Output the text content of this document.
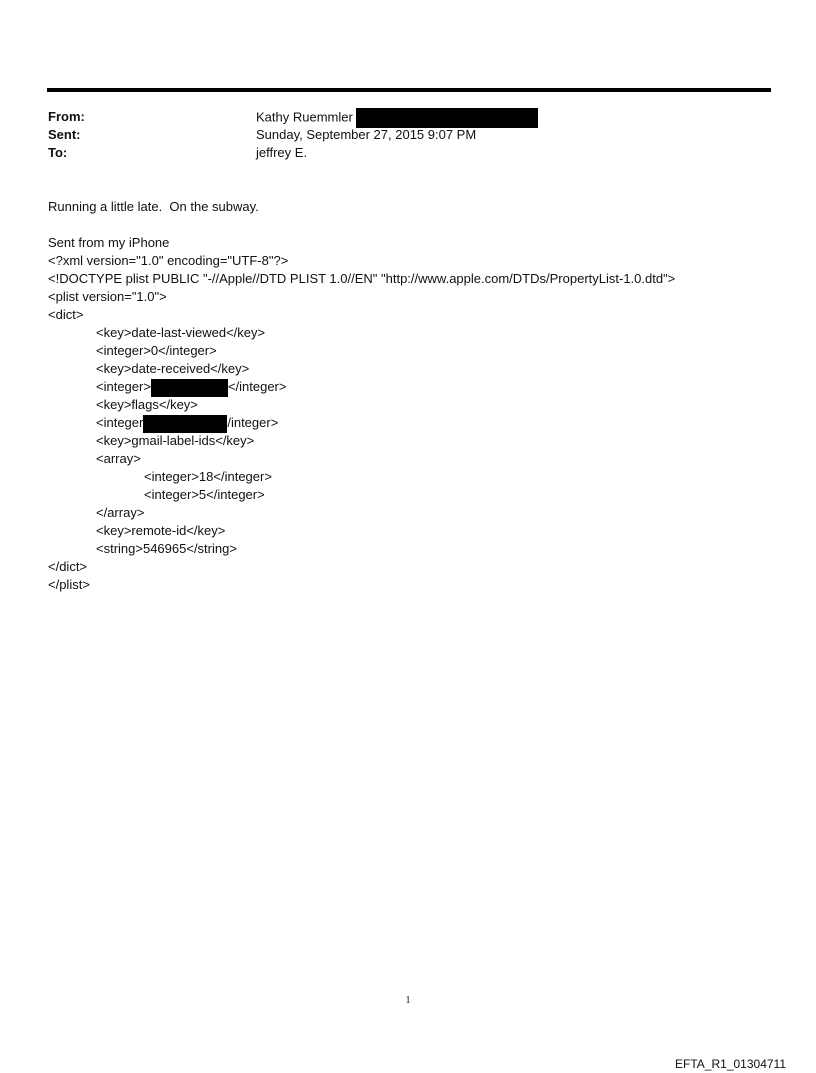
From:	Kathy Ruemmler
Sent:	Sunday, September 27, 2015 9:07 PM
To:	jeffrey E.
Running a little late.  On the subway.
Sent from my iPhone
<?xml version="1.0" encoding="UTF-8"?>
<!DOCTYPE plist PUBLIC "-//Apple//DTD PLIST 1.0//EN" "http://www.apple.com/DTDs/PropertyList-1.0.dtd">
<plist version="1.0">
<dict>
<key>date-last-viewed</key>
<integer>0</integer>
<key>date-received</key>
<integer>	</integer>
<key>flags</key>
<integer	/integer>
<key>gmail-label-ids</key>
<array>
<integer>18</integer>
<integer>5</integer>
</array>
<key>remote-id</key>
<string>546965</string>
</dict>
</plist>
1
EFTA_R1_01304711
